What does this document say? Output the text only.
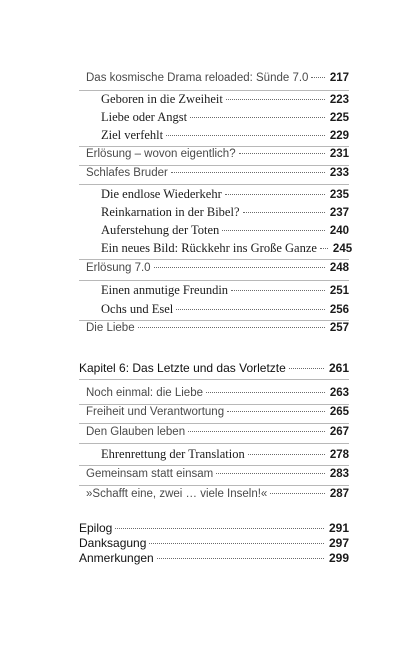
Das kosmische Drama reloaded: Sünde 7.0 217
Geboren in die Zweiheit	223
Liebe oder Angst	225
Ziel verfehlt	229
Erlösung – wovon eigentlich?	231
Schlafes Bruder	233
Die endlose Wiederkehr	235
Reinkarnation in der Bibel?	237
Auferstehung der Toten	240
Ein neues Bild: Rückkehr ins Große Ganze 245
Erlösung 7.0	248
Einen anmutige Freundin	251
Ochs und Esel	256
Die Liebe	257
Kapitel 6: Das Letzte und das Vorletzte	261
Noch einmal: die Liebe	263
Freiheit und Verantwortung	265
Den Glauben leben	267
Ehrenrettung der Translation	278
Gemeinsam statt einsam	283
»Schafft eine, zwei … viele Inseln!«	287
Epilog	291
Danksagung	297
Anmerkungen	299
